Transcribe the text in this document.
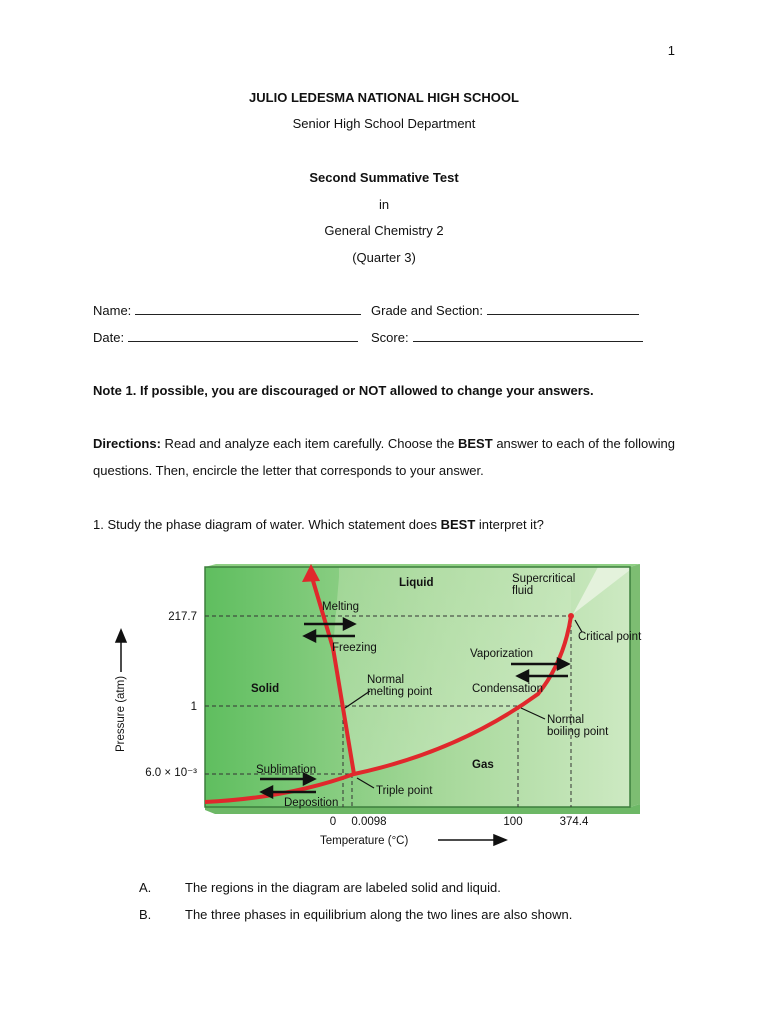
1
JULIO LEDESMA NATIONAL HIGH SCHOOL
Senior High School Department
Second Summative Test
in
General Chemistry 2
(Quarter 3)
Name:	Grade and Section:
Date:	Score:
Note 1. If possible, you are discouraged or NOT allowed to change your answers.
Directions: Read and analyze each item carefully. Choose the BEST answer to each of the following questions. Then, encircle the letter that corresponds to your answer.
1. Study the phase diagram of water. Which statement does BEST interpret it?
Liquid	Supercritical
fluid
Melting
Freezing
Critical point
Vaporization
Condensation
Solid
Normal
melting point
Normal
boiling point
Gas
Sublimation
Deposition
Triple point
Pressure (atm)
Temperature (°C)
217.7
1
6.0 × 10⁻³
0 0.0098	100	374.4
A.	The regions in the diagram are labeled solid and liquid.
B.	The three phases in equilibrium along the two lines are also shown.
